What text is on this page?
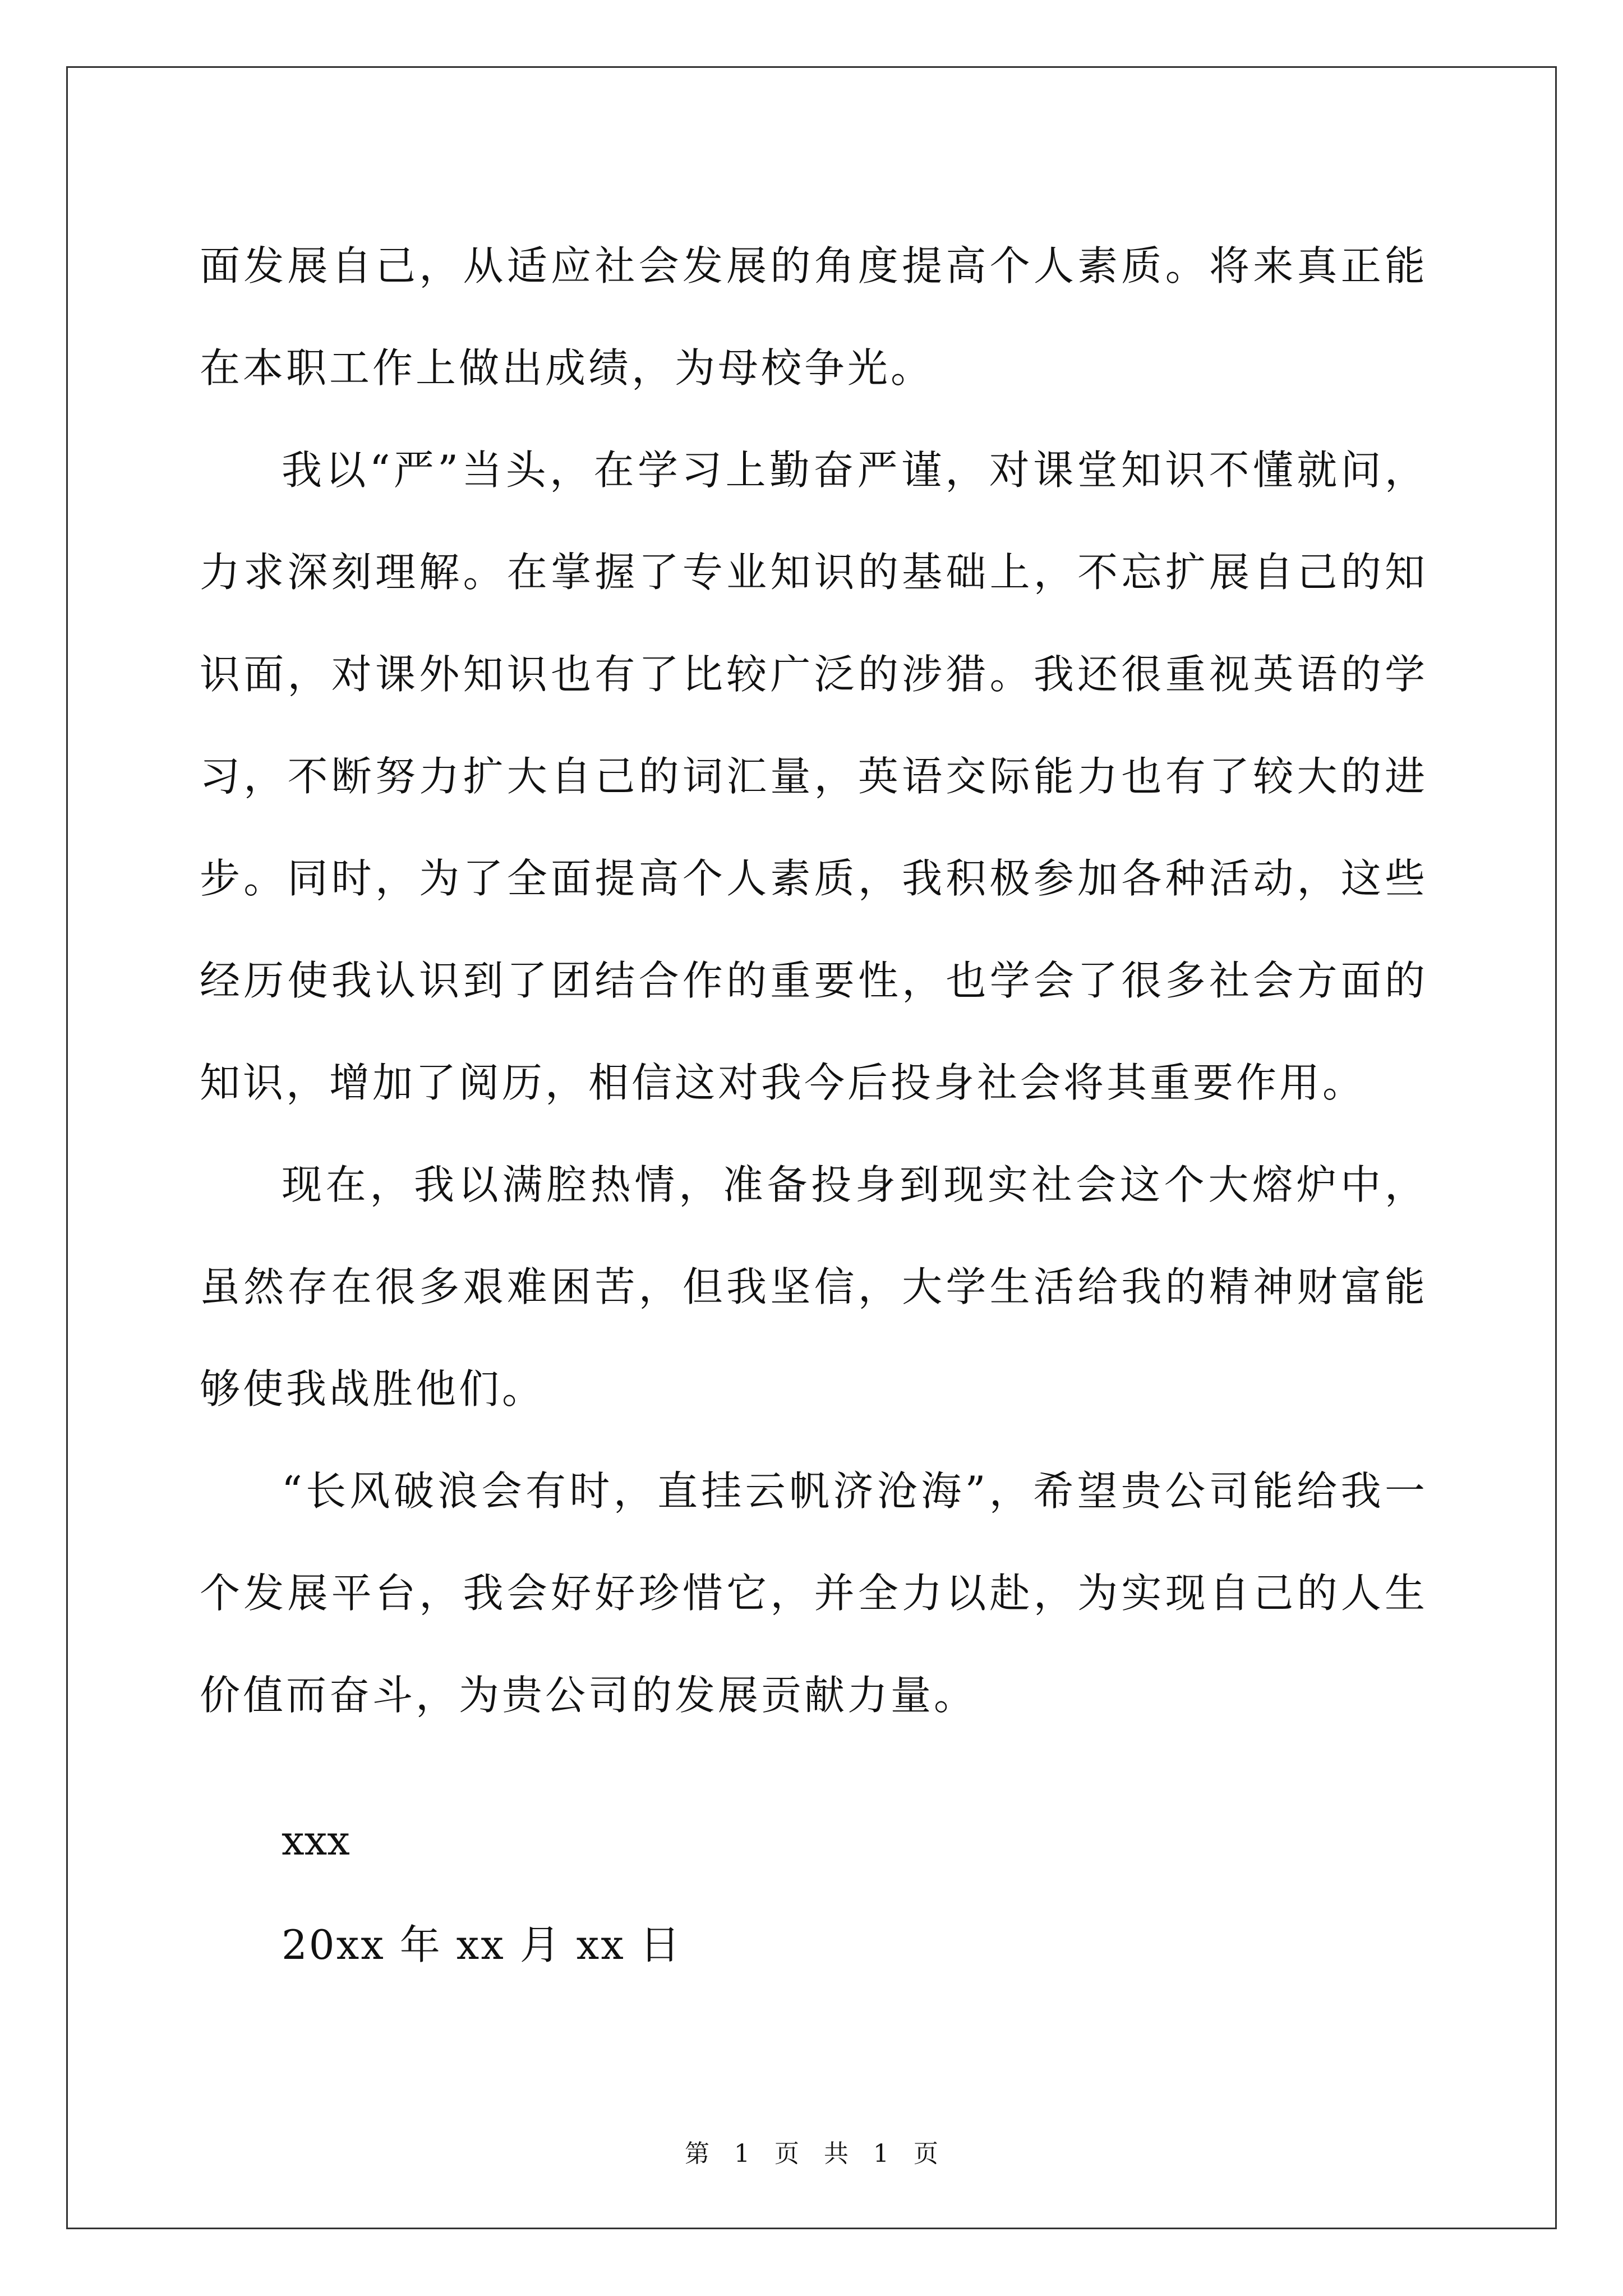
面发展自己，从适应社会发展的角度提高个人素质。将来真正能在本职工作上做出成绩，为母校争光。

我以“严”当头，在学习上勤奋严谨，对课堂知识不懂就问，力求深刻理解。在掌握了专业知识的基础上，不忘扩展自己的知识面，对课外知识也有了比较广泛的涉猎。我还很重视英语的学习，不断努力扩大自己的词汇量，英语交际能力也有了较大的进步。同时，为了全面提高个人素质，我积极参加各种活动，这些经历使我认识到了团结合作的重要性，也学会了很多社会方面的知识，增加了阅历，相信这对我今后投身社会将其重要作用。

现在，我以满腔热情，准备投身到现实社会这个大熔炉中，虽然存在很多艰难困苦，但我坚信，大学生活给我的精神财富能够使我战胜他们。

“长风破浪会有时，直挂云帆济沧海”，希望贵公司能给我一个发展平台，我会好好珍惜它，并全力以赴，为实现自己的人生价值而奋斗，为贵公司的发展贡献力量。

xxx

20xx 年 xx 月 xx 日

第 1 页 共 1 页
